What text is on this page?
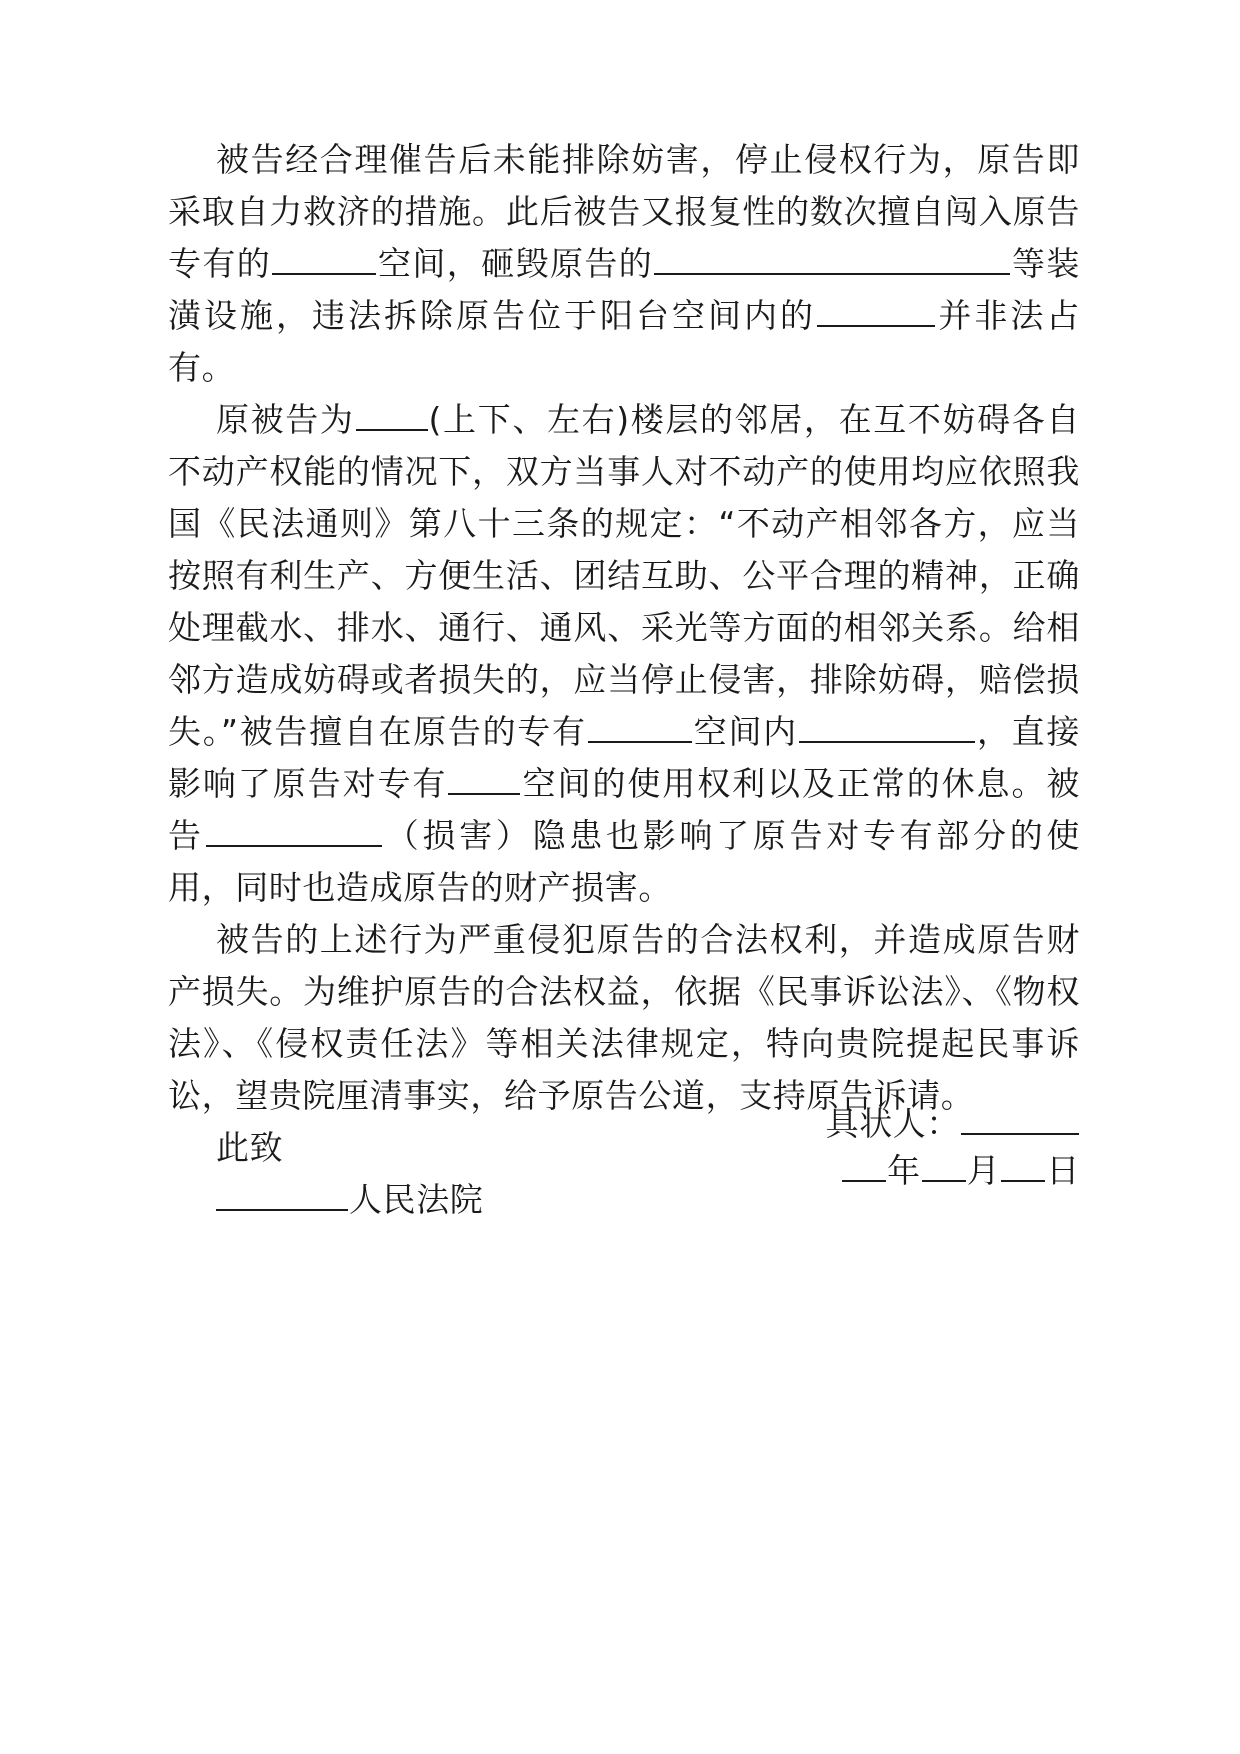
被告经合理催告后未能排除妨害，停止侵权行为，原告即采取自力救济的措施。此后被告又报复性的数次擅自闯入原告专有的	空间，砸毁原告的	等装潢设施，违法拆除原告位于阳台空间内的	并非法占有。

原被告为 (上下、左右)楼层的邻居，在互不妨碍各自不动产权能的情况下，双方当事人对不动产的使用均应依照我国《民法通则》第八十三条的规定：“不动产相邻各方，应当按照有利生产、方便生活、团结互助、公平合理的精神，正确处理截水、排水、通行、通风、采光等方面的相邻关系。给相邻方造成妨碍或者损失的，应当停止侵害，排除妨碍，赔偿损失。”被告擅自在原告的专有	空间内	，直接影响了原告对专有 空间的使用权利以及正常的休息。被告	（损害）隐患也影响了原告对专有部分的使用，同时也造成原告的财产损害。

被告的上述行为严重侵犯原告的合法权利，并造成原告财产损失。为维护原告的合法权益，依据《民事诉讼法》、《物权法》、《侵权责任法》等相关法律规定，特向贵院提起民事诉讼，望贵院厘清事实，给予原告公道，支持原告诉请。

此致

人民法院

具状人：
年 月 日
